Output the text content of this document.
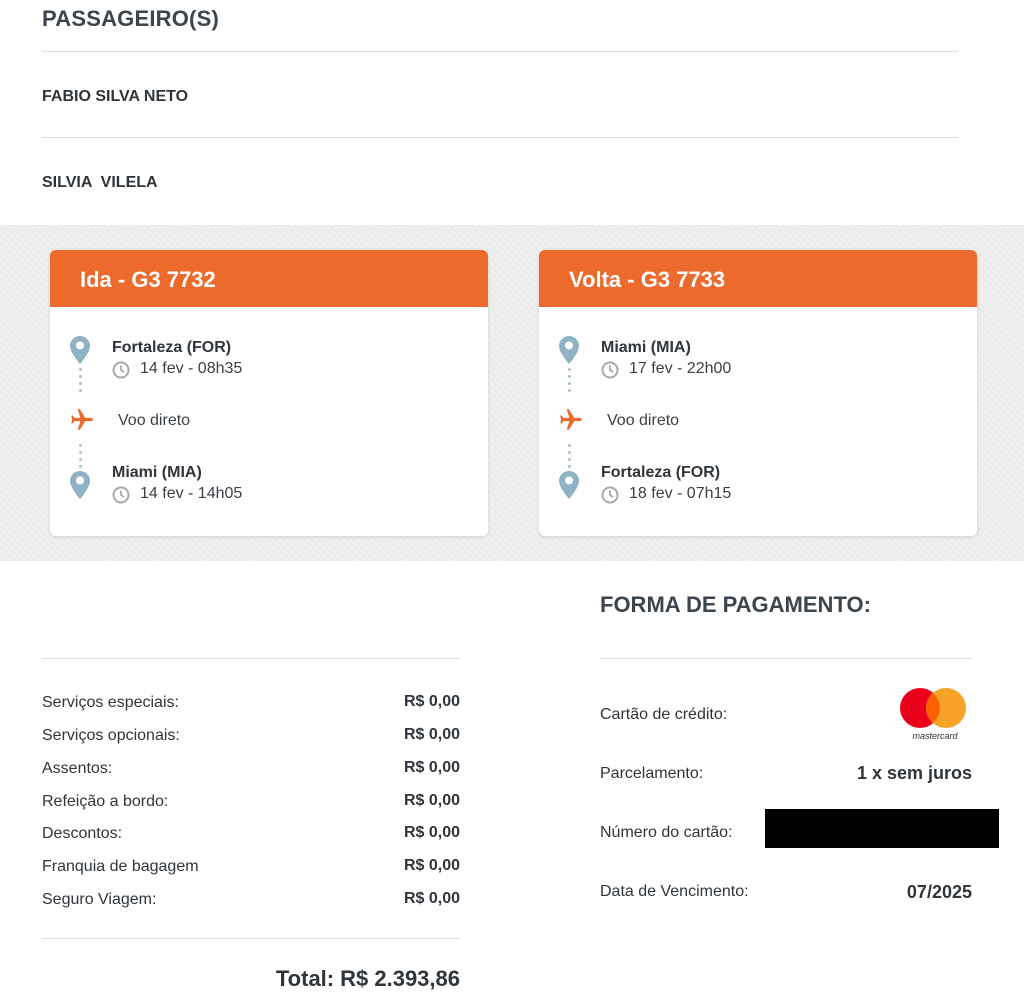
PASSAGEIRO(S)
FABIO SILVA NETO
SILVIA  VILELA
Ida - G3 7732
Fortaleza (FOR)
14 fev - 08h35
Voo direto
Miami (MIA)
14 fev - 14h05
Volta - G3 7733
Miami (MIA)
17 fev - 22h00
Voo direto
Fortaleza (FOR)
18 fev - 07h15
Serviços especiais:	R$ 0,00
Serviços opcionais:	R$ 0,00
Assentos:	R$ 0,00
Refeição a bordo:	R$ 0,00
Descontos:	R$ 0,00
Franquia de bagagem	R$ 0,00
Seguro Viagem:	R$ 0,00
Total: R$ 2.393,86
FORMA DE PAGAMENTO:
Cartão de crédito:
mastercard
Parcelamento:	1 x sem juros
Número do cartão:
Data de Vencimento:	07/2025
